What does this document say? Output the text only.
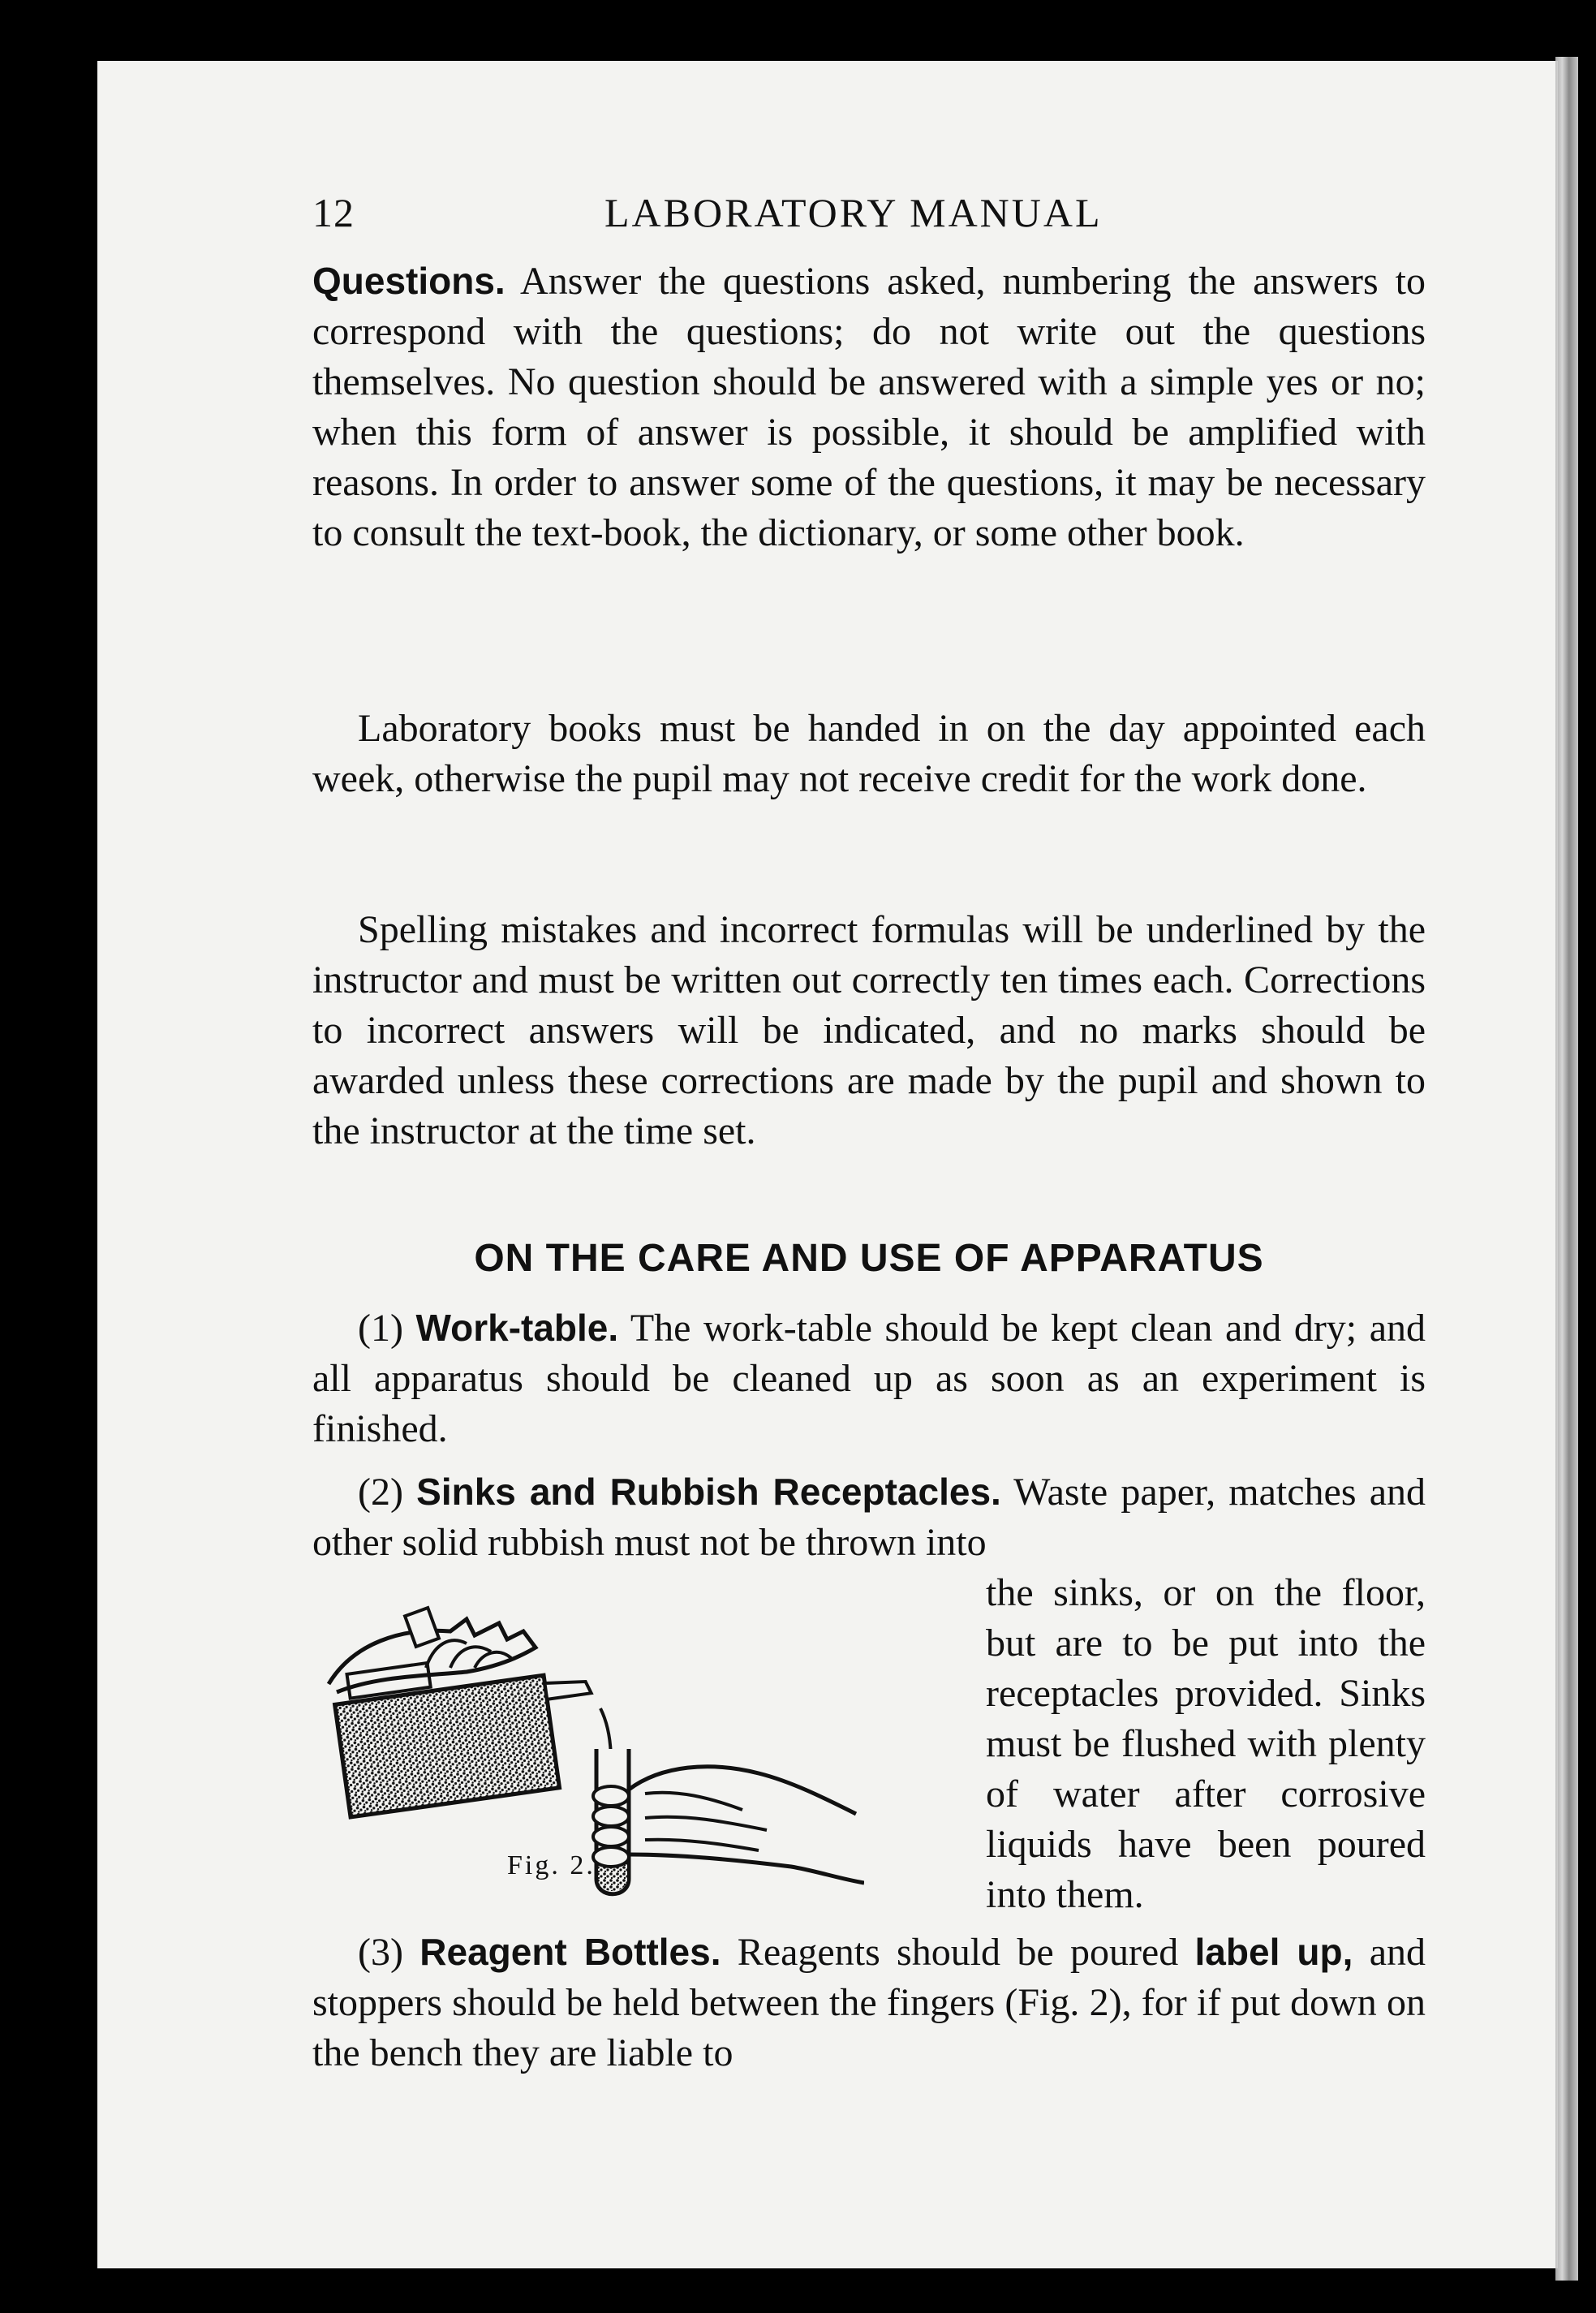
12	LABORATORY MANUAL
Questions. Answer the questions asked, numbering the answers to correspond with the questions; do not write out the questions themselves. No question should be answered with a simple yes or no; when this form of answer is possible, it should be amplified with reasons. In order to answer some of the questions, it may be necessary to consult the text-book, the dictionary, or some other book.
Laboratory books must be handed in on the day appointed each week, otherwise the pupil may not receive credit for the work done.
Spelling mistakes and incorrect formulas will be underlined by the instructor and must be written out correctly ten times each. Corrections to incorrect answers will be indicated, and no marks should be awarded unless these corrections are made by the pupil and shown to the instructor at the time set.
ON THE CARE AND USE OF APPARATUS
(1) Work-table. The work-table should be kept clean and dry; and all apparatus should be cleaned up as soon as an experiment is finished.
(2) Sinks and Rubbish Receptacles. Waste paper, matches and other solid rubbish must not be thrown into
Fig. 2.
the sinks, or on the floor, but are to be put into the receptacles provided. Sinks must be flushed with plenty of water after corrosive liquids have been poured into them.
(3) Reagent Bottles. Reagents should be poured label up, and stoppers should be held between the fingers (Fig. 2), for if put down on the bench they are liable to
